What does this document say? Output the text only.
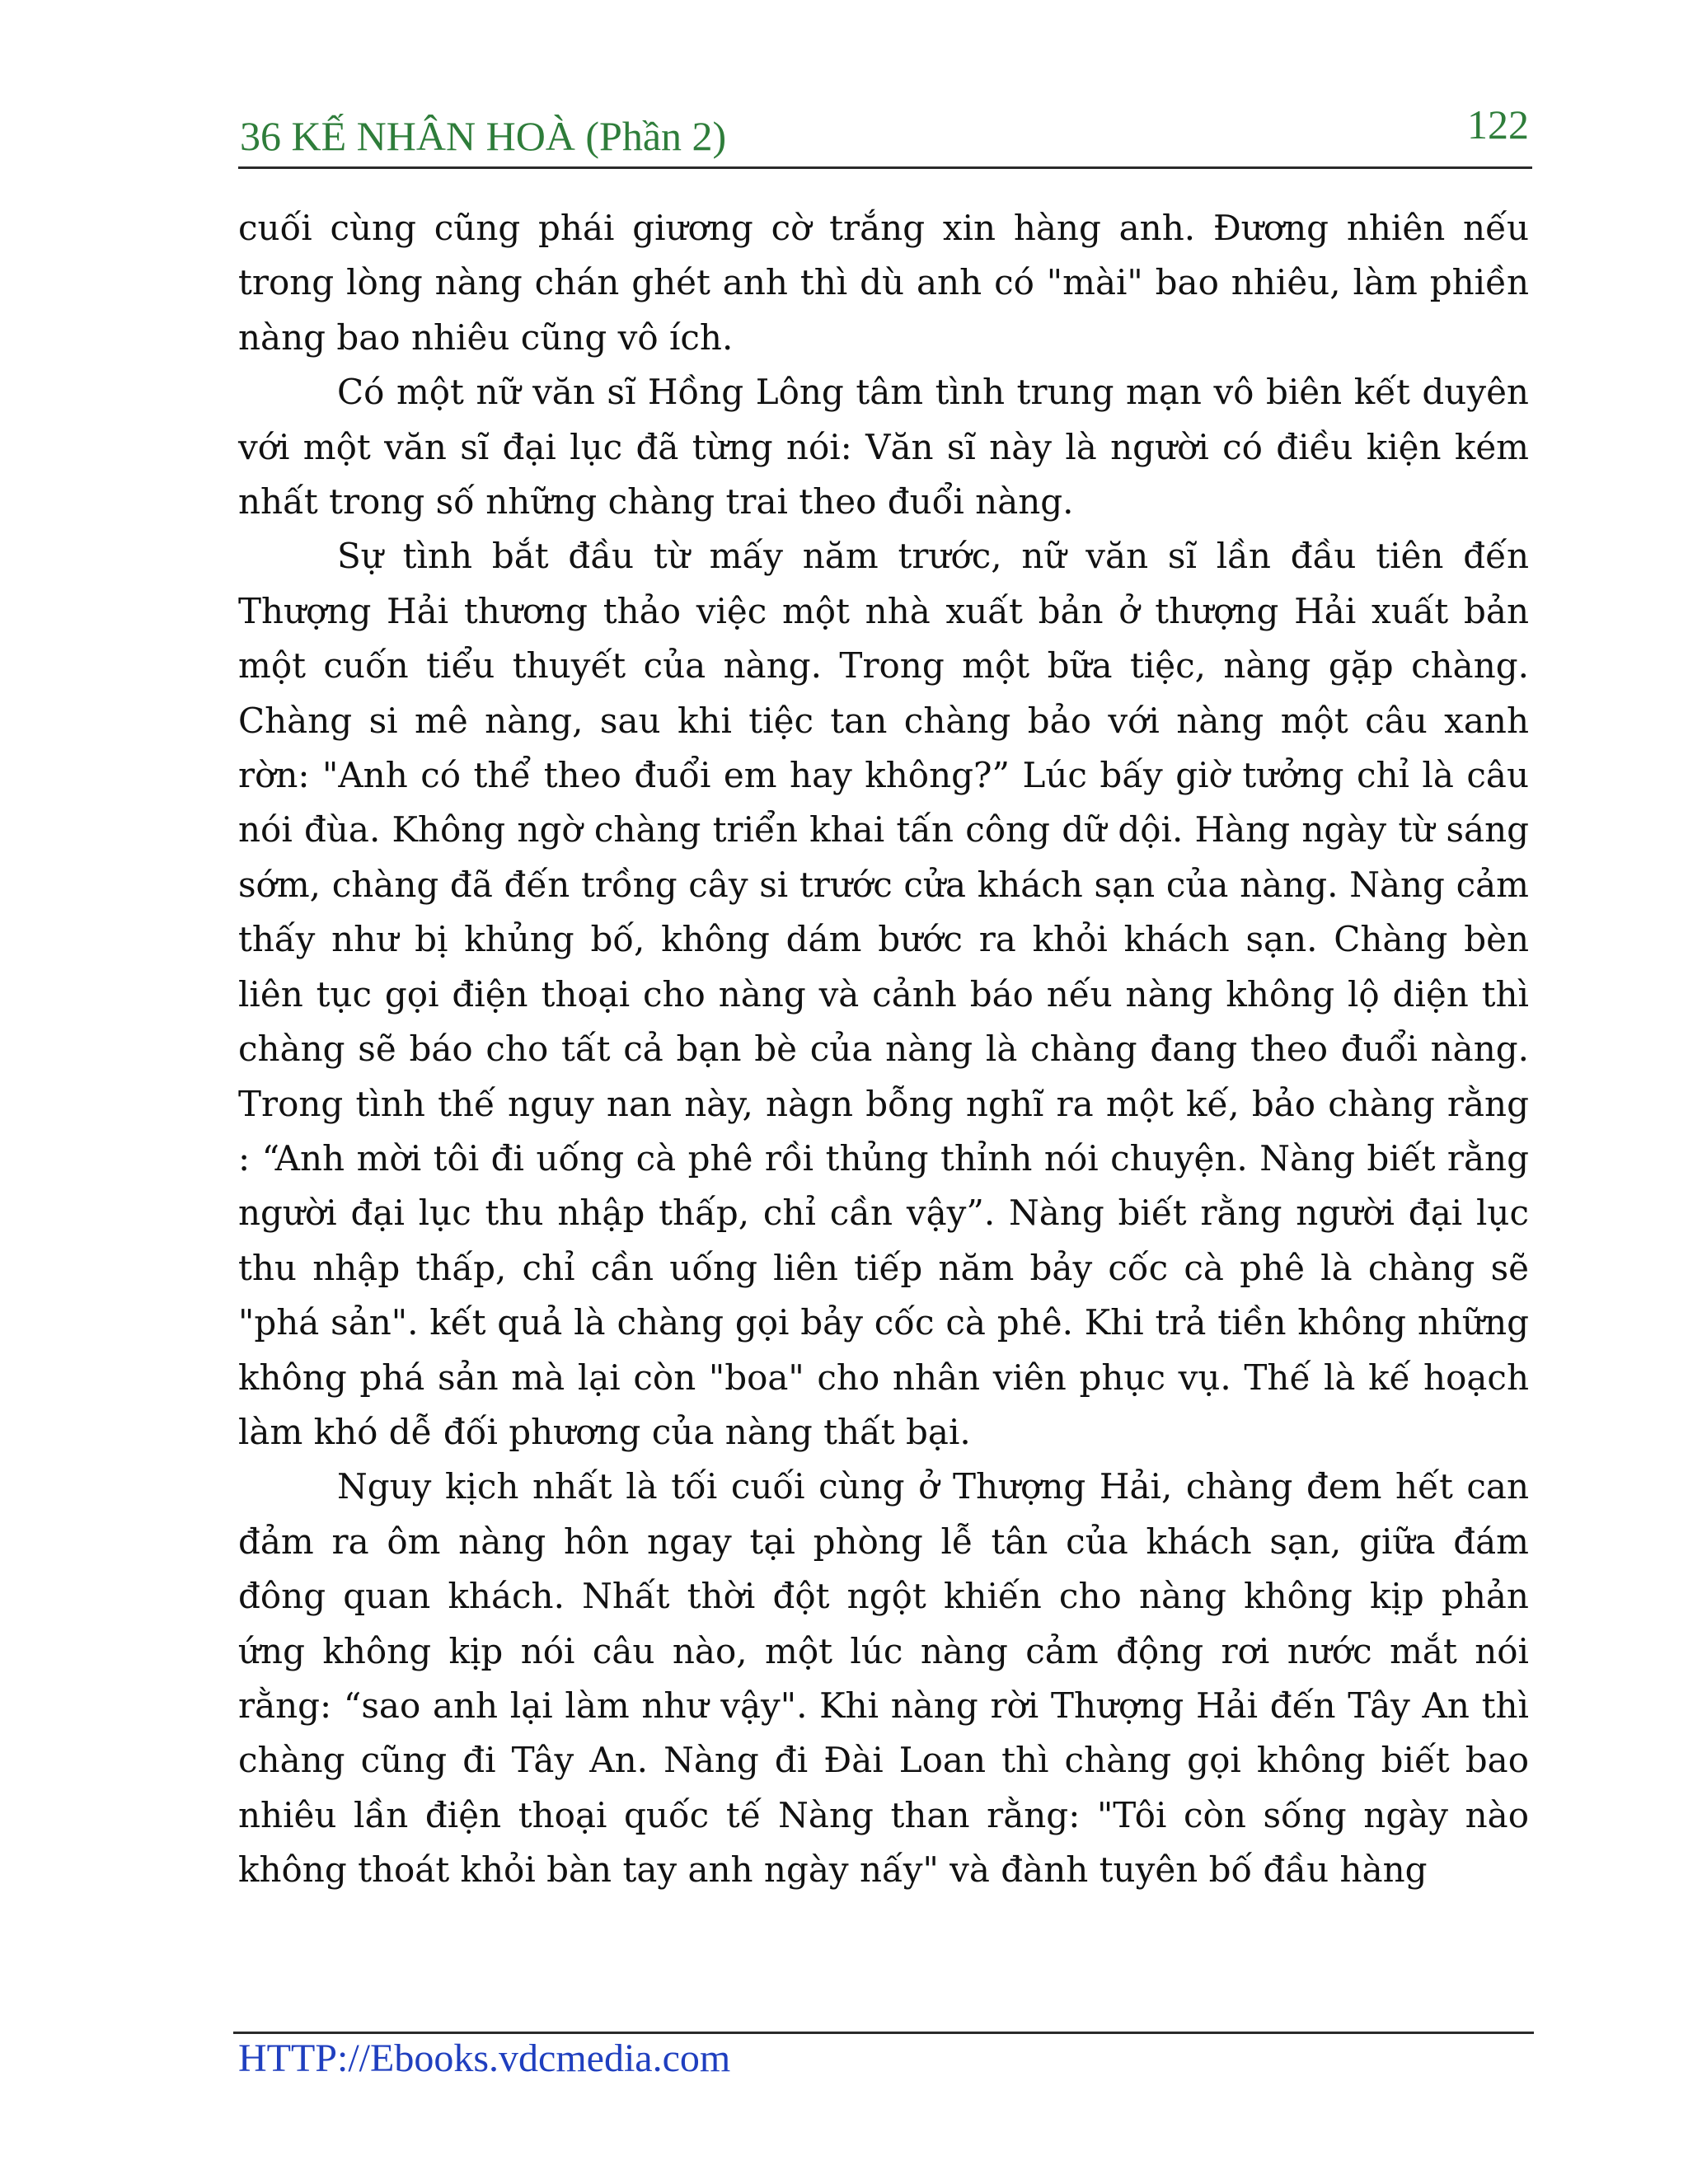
36 KẾ NHÂN HOÀ (Phần 2)	122

cuối cùng cũng phái giương cờ trắng xin hàng anh. Đương nhiên nếu trong lòng nàng chán ghét anh thì dù anh có "mài" bao nhiêu, làm phiền nàng bao nhiêu cũng vô ích.

Có một nữ văn sĩ Hồng Lông tâm tình trung mạn vô biên kết duyên với một văn sĩ đại lục đã từng nói: Văn sĩ này là người có điều kiện kém nhất trong số những chàng trai theo đuổi nàng.

Sự tình bắt đầu từ mấy năm trước, nữ văn sĩ lần đầu tiên đến Thượng Hải thương thảo việc một nhà xuất bản ở thượng Hải xuất bản một cuốn tiểu thuyết của nàng. Trong một bữa tiệc, nàng gặp chàng. Chàng si mê nàng, sau khi tiệc tan chàng bảo với nàng một câu xanh rờn: "Anh có thể theo đuổi em hay không?” Lúc bấy giờ tưởng chỉ là câu nói đùa. Không ngờ chàng triển khai tấn công dữ dội. Hàng ngày từ sáng sớm, chàng đã đến trồng cây si trước cửa khách sạn của nàng. Nàng cảm thấy như bị khủng bố, không dám bước ra khỏi khách sạn. Chàng bèn liên tục gọi điện thoại cho nàng và cảnh báo nếu nàng không lộ diện thì chàng sẽ báo cho tất cả bạn bè của nàng là chàng đang theo đuổi nàng. Trong tình thế nguy nan này, nàgn bỗng nghĩ ra một kế, bảo chàng rằng : “Anh mời tôi đi uống cà phê rồi thủng thỉnh nói chuyện. Nàng biết rằng người đại lục thu nhập thấp, chỉ cần vậy”. Nàng biết rằng người đại lục thu nhập thấp, chỉ cần uống liên tiếp năm bảy cốc cà phê là chàng sẽ "phá sản". kết quả là chàng gọi bảy cốc cà phê. Khi trả tiền không những không phá sản mà lại còn "boa" cho nhân viên phục vụ. Thế là kế hoạch làm khó dễ đối phương của nàng thất bại.

Nguy kịch nhất là tối cuối cùng ở Thượng Hải, chàng đem hết can đảm ra ôm nàng hôn ngay tại phòng lễ tân của khách sạn, giữa đám đông quan khách. Nhất thời đột ngột khiến cho nàng không kịp phản ứng không kịp nói câu nào, một lúc nàng cảm động rơi nước mắt nói rằng: “sao anh lại làm như vậy". Khi nàng rời Thượng Hải đến Tây An thì chàng cũng đi Tây An. Nàng đi Đài Loan thì chàng gọi không biết bao nhiêu lần điện thoại quốc tế Nàng than rằng: "Tôi còn sống ngày nào không thoát khỏi bàn tay anh ngày nấy" và đành tuyên bố đầu hàng

HTTP://Ebooks.vdcmedia.com
